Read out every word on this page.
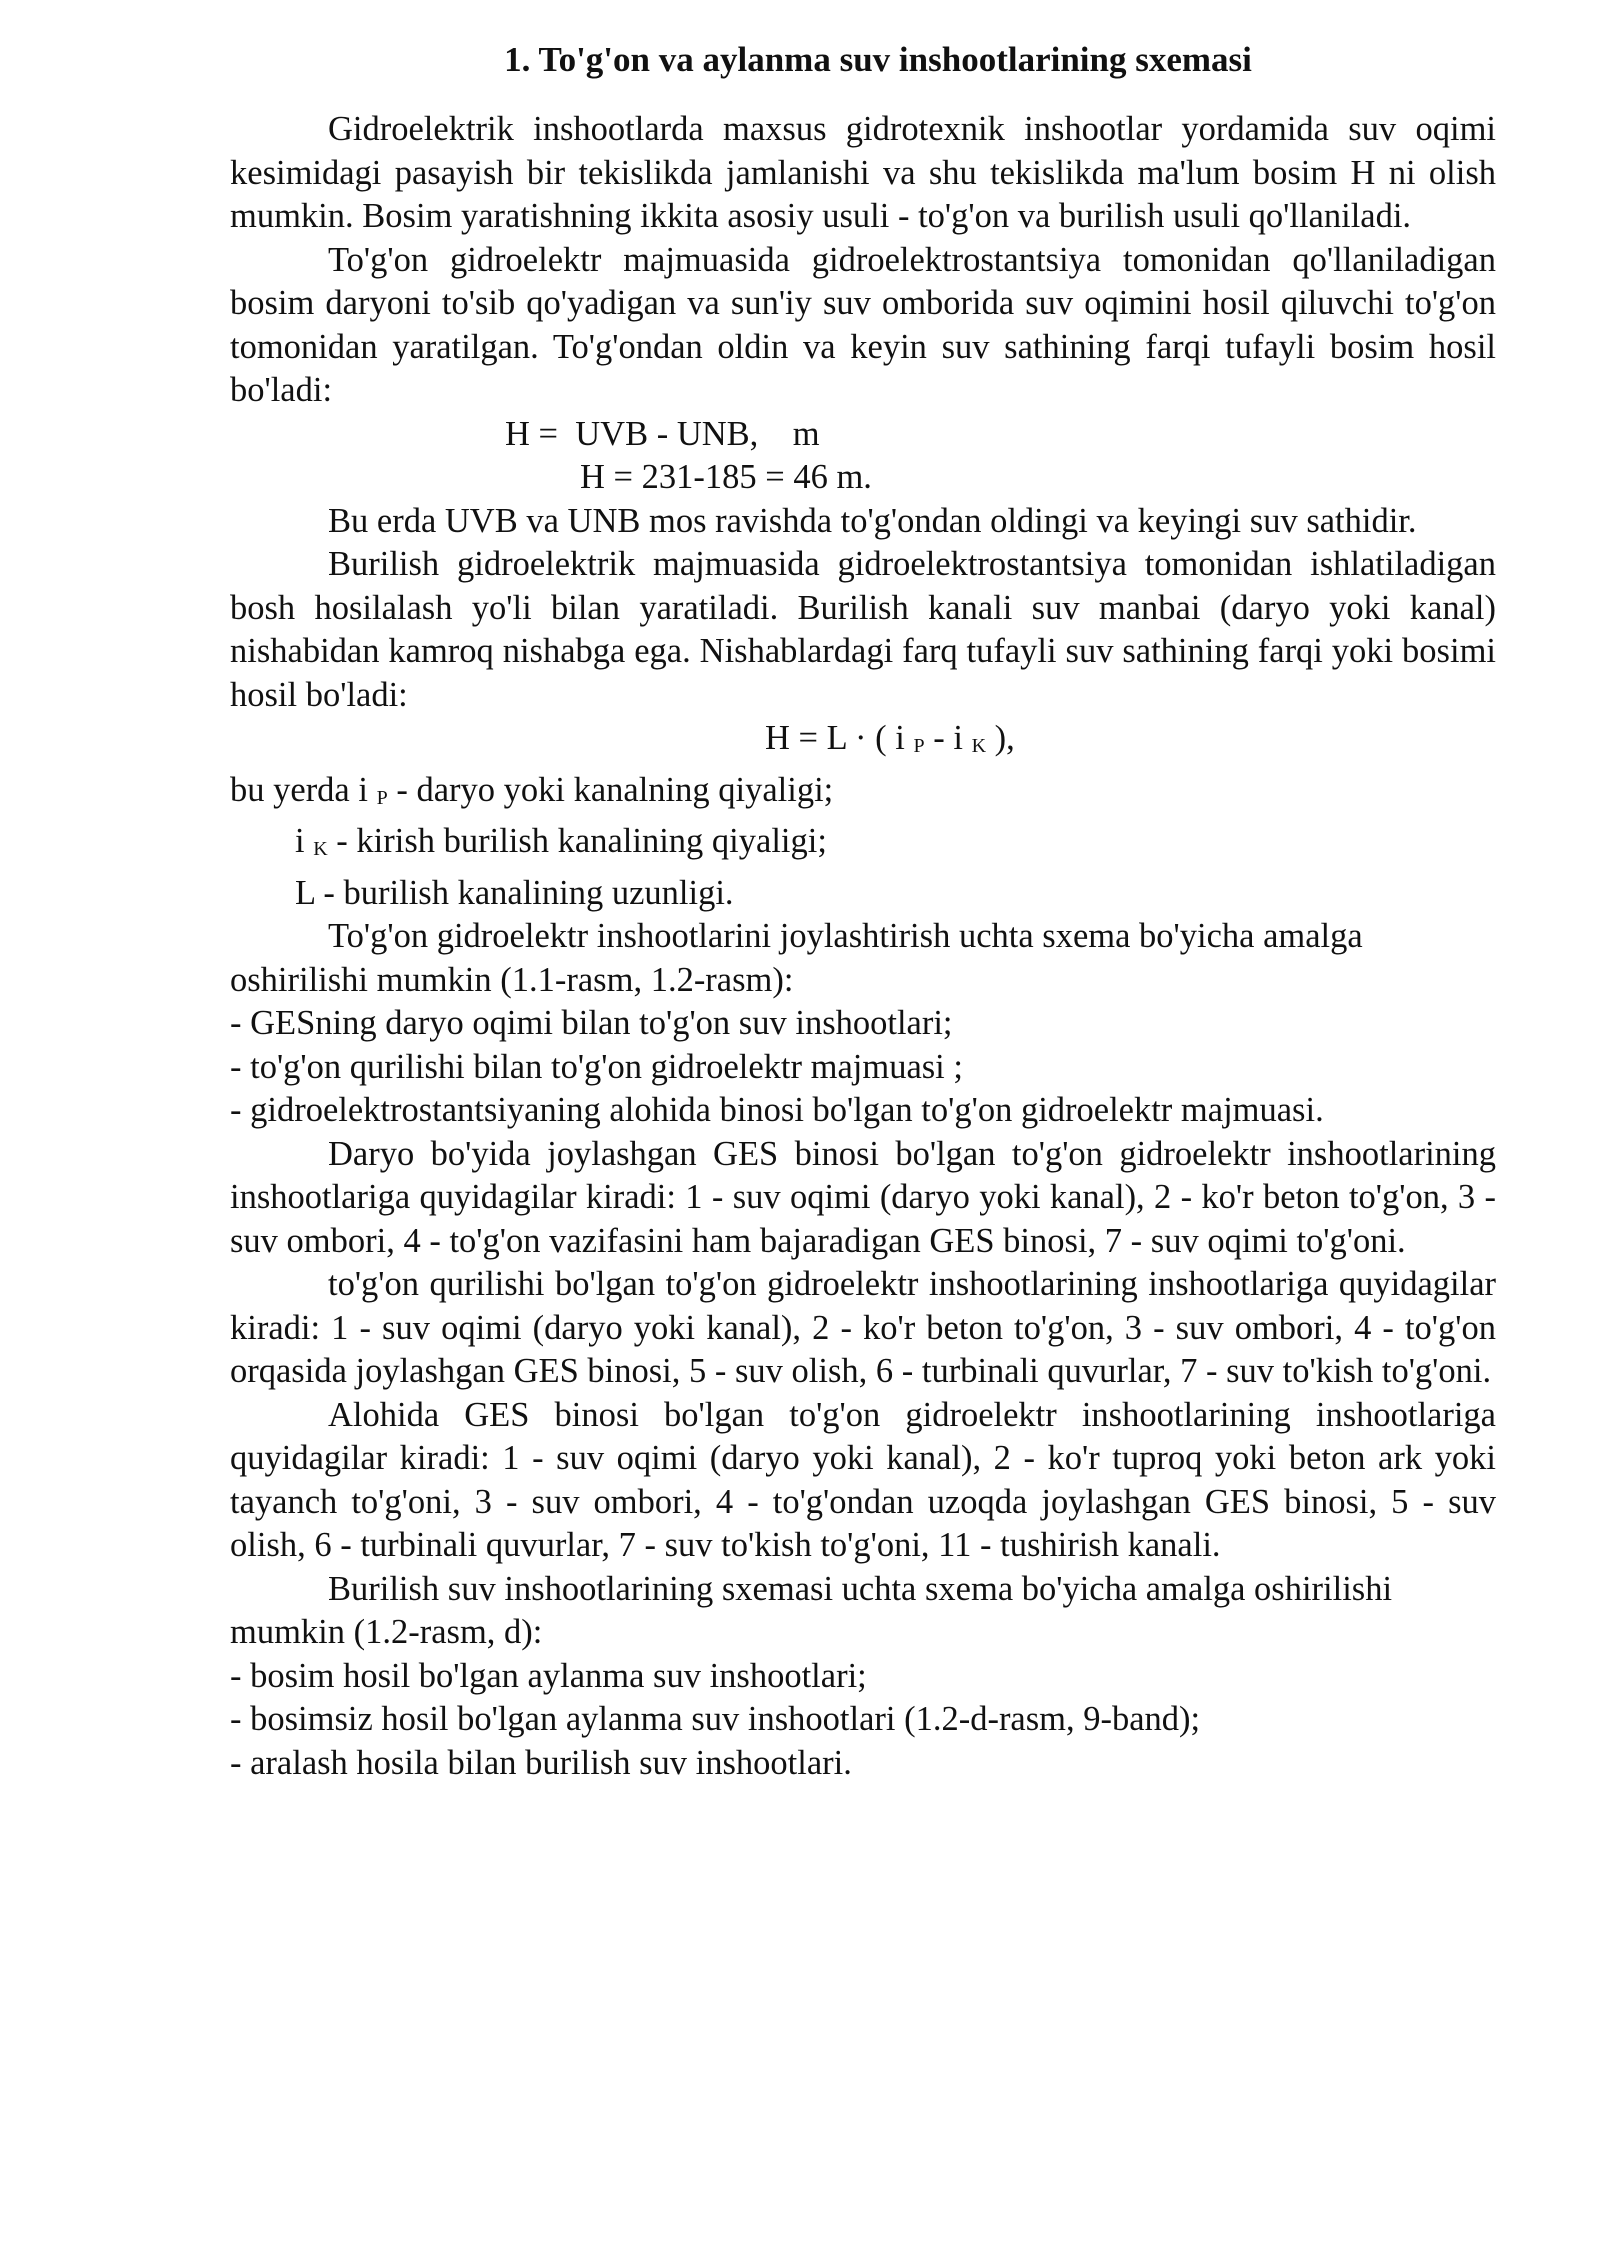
1. To'g'on va aylanma suv inshootlarining sxemasi

Gidroelektrik inshootlarda maxsus gidrotexnik inshootlar yordamida suv oqimi kesimidagi pasayish bir tekislikda jamlanishi va shu tekislikda ma'lum bosim H ni olish mumkin. Bosim yaratishning ikkita asosiy usuli - to'g'on va burilish usuli qo'llaniladi.

To'g'on gidroelektr majmuasida gidroelektrostantsiya tomonidan qo'llaniladigan bosim daryoni to'sib qo'yadigan va sun'iy suv omborida suv oqimini hosil qiluvchi to'g'on tomonidan yaratilgan. To'g'ondan oldin va keyin suv sathining farqi tufayli bosim hosil bo'ladi:

H =  UVB - UNB,    m

H = 231-185 = 46 m.

Bu erda UVB va UNB mos ravishda to'g'ondan oldingi va keyingi suv sathidir.

Burilish gidroelektrik majmuasida gidroelektrostantsiya tomonidan ishlatiladigan bosh hosilalash yo'li bilan yaratiladi. Burilish kanali suv manbai (daryo yoki kanal) nishabidan kamroq nishabga ega. Nishablardagi farq tufayli suv sathining farqi yoki bosimi hosil bo'ladi:

H = L · ( i P - i K ),

bu yerda i P - daryo yoki kanalning qiyaligi;

i K - kirish burilish kanalining qiyaligi;

L - burilish kanalining uzunligi.

To'g'on gidroelektr inshootlarini joylashtirish uchta sxema bo'yicha amalga oshirilishi mumkin (1.1-rasm, 1.2-rasm):

- GESning daryo oqimi bilan to'g'on suv inshootlari;

- to'g'on qurilishi bilan to'g'on gidroelektr majmuasi ;

- gidroelektrostantsiyaning alohida binosi bo'lgan to'g'on gidroelektr majmuasi.

Daryo bo'yida joylashgan GES binosi bo'lgan to'g'on gidroelektr inshootlarining inshootlariga quyidagilar kiradi: 1 - suv oqimi (daryo yoki kanal), 2 - ko'r beton to'g'on, 3 - suv ombori, 4 - to'g'on vazifasini ham bajaradigan GES binosi, 7 - suv oqimi to'g'oni.

to'g'on qurilishi bo'lgan to'g'on gidroelektr inshootlarining inshootlariga quyidagilar kiradi: 1 - suv oqimi (daryo yoki kanal), 2 - ko'r beton to'g'on, 3 - suv ombori, 4 - to'g'on orqasida joylashgan GES binosi, 5 - suv olish, 6 - turbinali quvurlar, 7 - suv to'kish to'g'oni.

Alohida GES binosi bo'lgan to'g'on gidroelektr inshootlarining inshootlariga quyidagilar kiradi: 1 - suv oqimi (daryo yoki kanal), 2 - ko'r tuproq yoki beton ark yoki tayanch to'g'oni, 3 - suv ombori, 4 - to'g'ondan uzoqda joylashgan GES binosi, 5 - suv olish, 6 - turbinali quvurlar, 7 - suv to'kish to'g'oni, 11 - tushirish kanali.

Burilish suv inshootlarining sxemasi uchta sxema bo'yicha amalga oshirilishi mumkin (1.2-rasm, d):

- bosim hosil bo'lgan aylanma suv inshootlari;

- bosimsiz hosil bo'lgan aylanma suv inshootlari (1.2-d-rasm, 9-band);

- aralash hosila bilan burilish suv inshootlari.
